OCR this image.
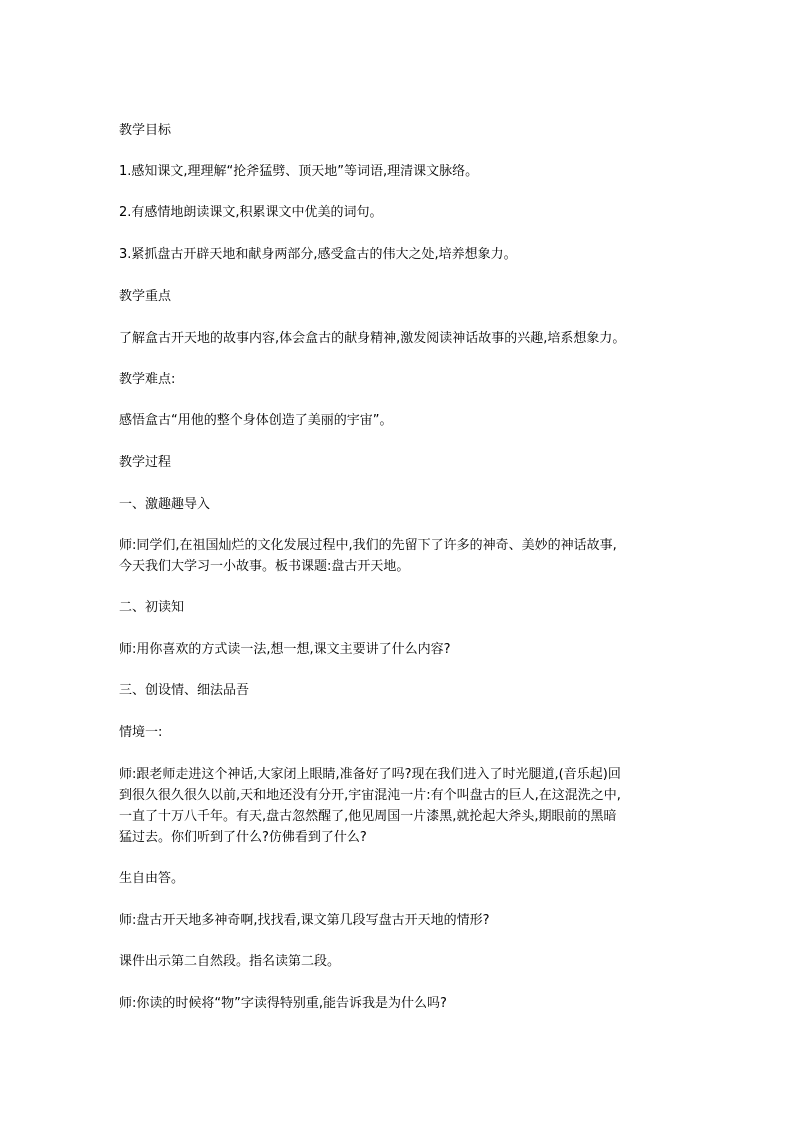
教学目标

1.感知课文,理理解“抡斧猛劈、顶天地”等词语,理清课文脉络。

2.有感情地朗读课文,积累课文中优美的词句。

3.紧抓盘古开辟天地和献身两部分,感受盒古的伟大之处,培养想象力。

教学重点

了解盒古开天地的故事内容,体会盒古的献身精神,激发阅读神话故事的兴趣,培系想象力。

教学难点:

感悟盒古“用他的整个身体创造了美丽的宇宙”。

教学过程

一、激趣趣导入

师:同学们,在祖国灿烂的文化发展过程中,我们的先留下了许多的神奇、美妙的神话故事,
今天我们大学习一小故事。板书课题:盘古开天地。

二、初读知

师:用你喜欢的方式读一法,想一想,课文主要讲了什么内容?

三、创设情、细法品吾

情境一:

师:跟老师走进这个神话,大家闭上眼睛,准备好了吗?现在我们进入了时光腿道,(音乐起)回
到很久很久很久以前,天和地还没有分开,宇宙混沌一片:有个叫盘古的巨人,在这混洗之中,
一直了十万八千年。有天,盘古忽然醒了,他见周国一片漆黑,就抡起大斧头,期眼前的黑暗
猛过去。你们听到了什么?仿佛看到了什么?

生自由答。

师:盘古开天地多神奇啊,找找看,课文第几段写盘古开天地的情形?

课件出示第二自然段。指名读第二段。

师:你读的时候将“物”字读得特别重,能告诉我是为什么吗?
